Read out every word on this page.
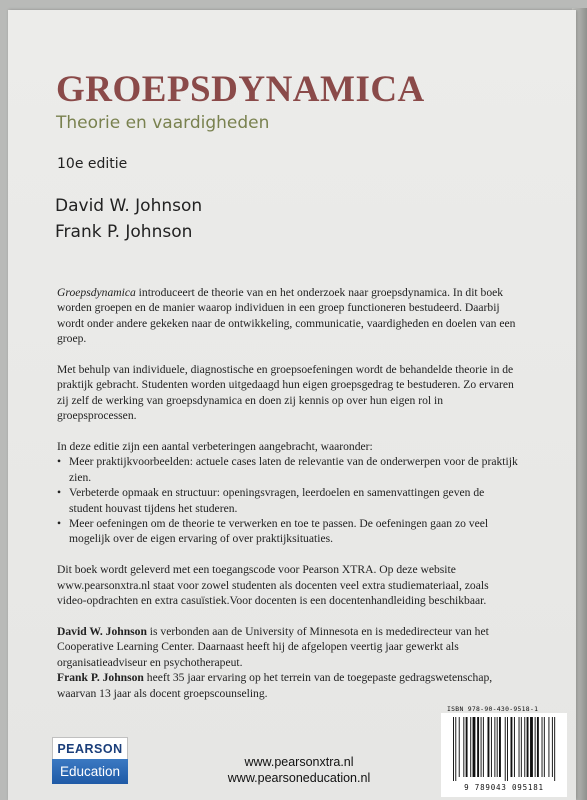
GROEPSDYNAMICA
Theorie en vaardigheden
10e editie
David W. Johnson
Frank P. Johnson

Groepsdynamica introduceert de theorie van en het onderzoek naar groepsdynamica. In dit boek worden groepen en de manier waarop individuen in een groep functioneren bestudeerd. Daarbij wordt onder andere gekeken naar de ontwikkeling, communicatie, vaardigheden en doelen van een groep.

Met behulp van individuele, diagnostische en groepsoefeningen wordt de behandelde theorie in de praktijk gebracht. Studenten worden uitgedaagd hun eigen groepsgedrag te bestuderen. Zo ervaren zij zelf de werking van groepsdynamica en doen zij kennis op over hun eigen rol in groepsprocessen.

In deze editie zijn een aantal verbeteringen aangebracht, waaronder:

• Meer praktijkvoorbeelden: actuele cases laten de relevantie van de onderwerpen voor de praktijk zien.
• Verbeterde opmaak en structuur: openingsvragen, leerdoelen en samenvattingen geven de student houvast tijdens het studeren.
• Meer oefeningen om de theorie te verwerken en toe te passen. De oefeningen gaan zo veel mogelijk over de eigen ervaring of over praktijksituaties.

Dit boek wordt geleverd met een toegangscode voor Pearson XTRA. Op deze website www.pearsonxtra.nl staat voor zowel studenten als docenten veel extra studiemateriaal, zoals video-opdrachten en extra casuïstiek.Voor docenten is een docentenhandleiding beschikbaar.

David W. Johnson is verbonden aan de University of Minnesota en is mededirecteur van het Cooperative Learning Center. Daarnaast heeft hij de afgelopen veertig jaar gewerkt als organisatieadviseur en psychotherapeut.

Frank P. Johnson heeft 35 jaar ervaring op het terrein van de toegepaste gedragswetenschap, waarvan 13 jaar als docent groepscounseling.

PEARSON
Education
www.pearsonxtra.nl
www.pearsoneducation.nl
ISBN 978-90-430-9518-1
9 789043 095181
